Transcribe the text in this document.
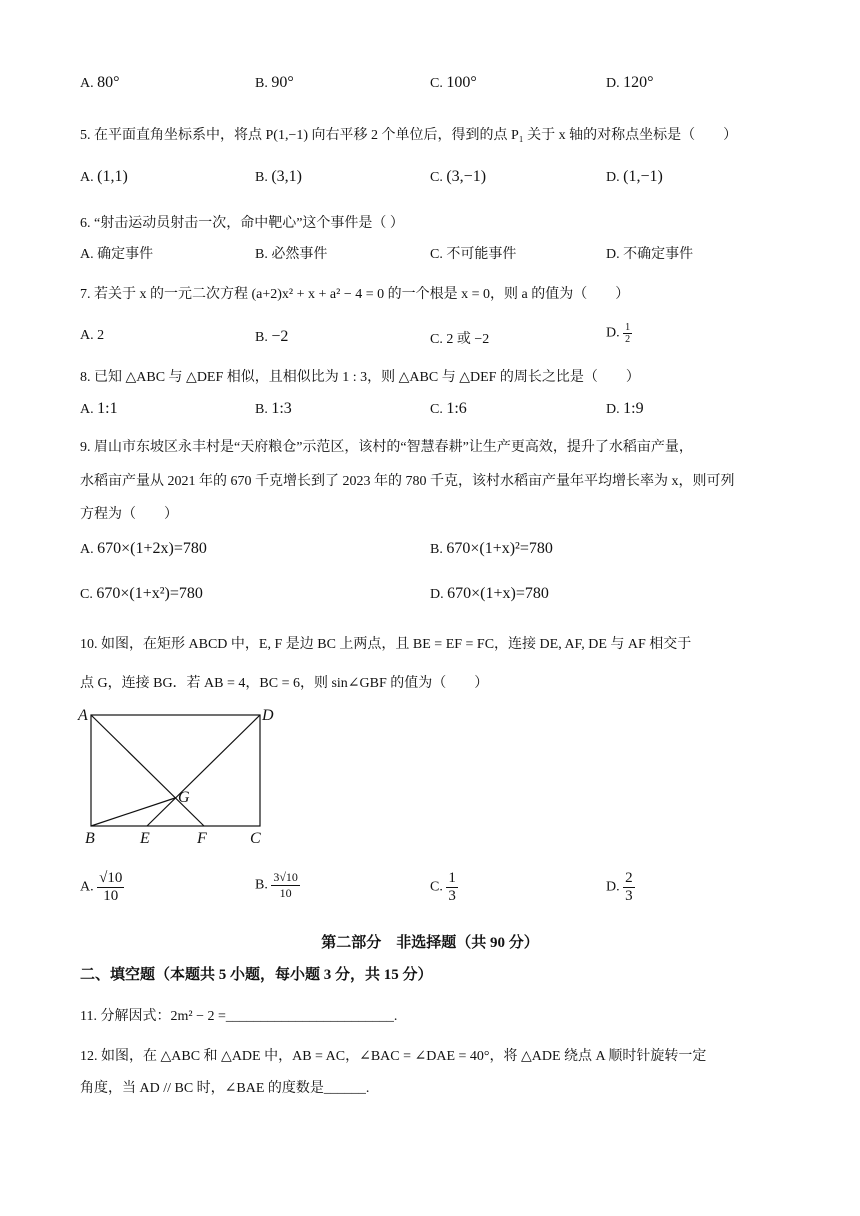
A. 80°	B. 90°	C. 100°	D. 120°
5. 在平面直角坐标系中，将点 P(1,−1) 向右平移 2 个单位后，得到的点 P₁ 关于 x 轴的对称点坐标是（　　）
A. (1,1)	B. (3,1)	C. (3,−1)	D. (1,−1)
6. “射击运动员射击一次，命中靶心”这个事件是（ ）
A. 确定事件	B. 必然事件	C. 不可能事件	D. 不确定事件
7. 若关于 x 的一元二次方程 (a+2)x² + x + a² − 4 = 0 的一个根是 x = 0，则 a 的值为（　　）
A. 2	B. −2	C. 2 或 −2	D. $\frac{1}{2}$
8. 已知 △ABC 与 △DEF 相似，且相似比为 1 : 3，则 △ABC 与 △DEF 的周长之比是（　　）
A. 1:1	B. 1:3	C. 1:6	D. 1:9
9. 眉山市东坡区永丰村是“天府粮仓”示范区，该村的“智慧春耕”让生产更高效，提升了水稻亩产量，
水稻亩产量从 2021 年的 670 千克增长到了 2023 年的 780 千克，该村水稻亩产量年平均增长率为 x，则可列
方程为（　　）
A. 670×(1+2x)=780	B. 670×(1+x)²=780
C. 670×(1+x²)=780	D. 670×(1+x)=780
10. 如图，在矩形 ABCD 中，E, F 是边 BC 上两点，且 BE = EF = FC，连接 DE, AF, DE 与 AF 相交于
点 G，连接 BG．若 AB = 4，BC = 6，则 sin∠GBF 的值为（　　）
A	D
B	E	F	C
G
A. $\frac{√10}{10}$	B. $\frac{3√10}{10}$	C. $\frac{1}{3}$	D. $\frac{2}{3}$
第二部分　非选择题（共 90 分）
二、填空题（本题共 5 小题，每小题 3 分，共 15 分）
11. 分解因式：2m² − 2 =________________________.
12. 如图，在 △ABC 和 △ADE 中，AB = AC，∠BAC = ∠DAE = 40°，将 △ADE 绕点 A 顺时针旋转一定
角度，当 AD // BC 时，∠BAE 的度数是______.
